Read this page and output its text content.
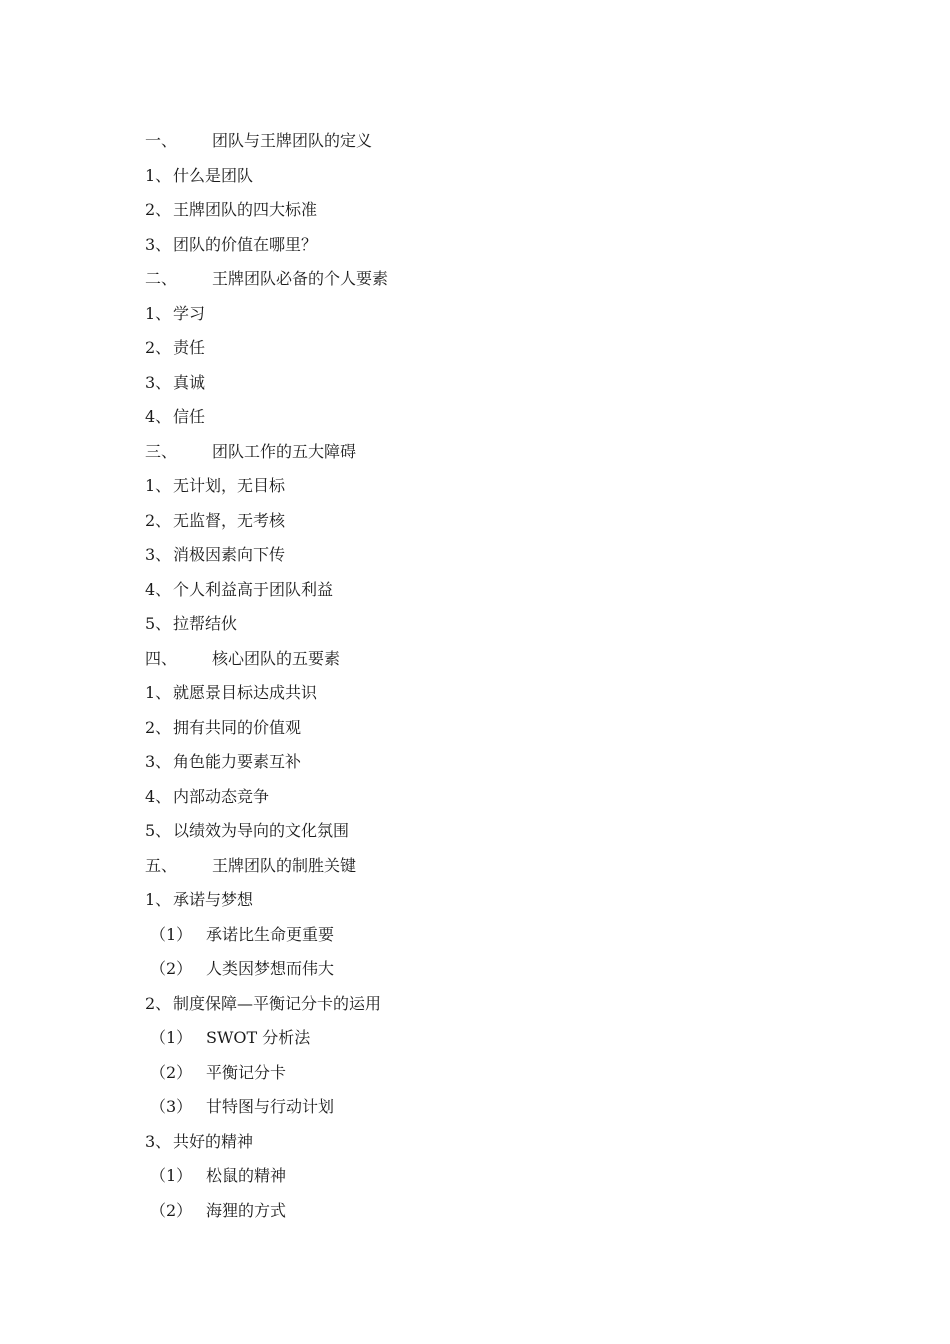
一、	团队与王牌团队的定义
1、 什么是团队
2、 王牌团队的四大标准
3、 团队的价值在哪里？
二、	王牌团队必备的个人要素
1、 学习
2、 责任
3、 真诚
4、 信任
三、	团队工作的五大障碍
1、 无计划，无目标
2、 无监督，无考核
3、 消极因素向下传
4、 个人利益高于团队利益
5、 拉帮结伙
四、	核心团队的五要素
1、 就愿景目标达成共识
2、 拥有共同的价值观
3、 角色能力要素互补
4、 内部动态竞争
5、 以绩效为导向的文化氛围
五、	王牌团队的制胜关键
1、 承诺与梦想
（1） 承诺比生命更重要
（2） 人类因梦想而伟大
2、 制度保障—平衡记分卡的运用
（1） SWOT 分析法
（2） 平衡记分卡
（3） 甘特图与行动计划
3、 共好的精神
（1） 松鼠的精神
（2） 海狸的方式
